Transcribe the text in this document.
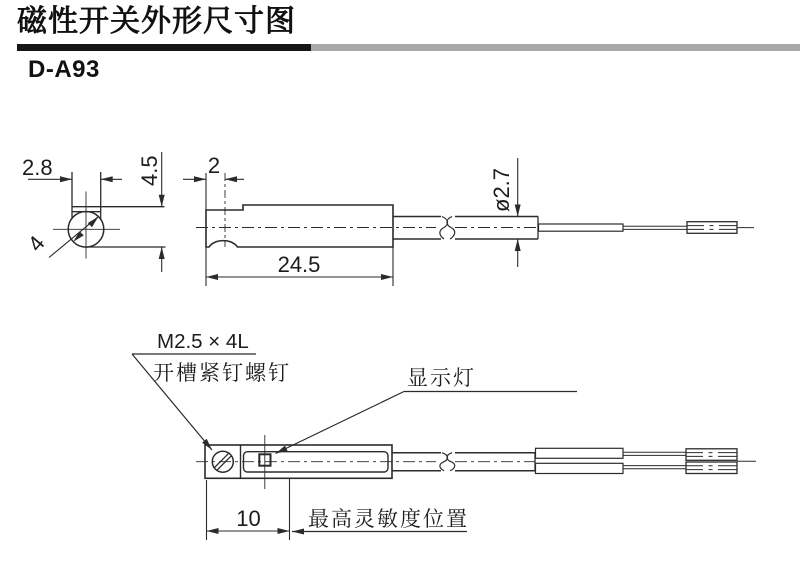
磁性开关外形尺寸图
D-A93
2.8	4.5
4
2
24.5
ø2.7
M2.5 × 4L
开槽紧钉螺钉	显示灯
10 最高灵敏度位置
